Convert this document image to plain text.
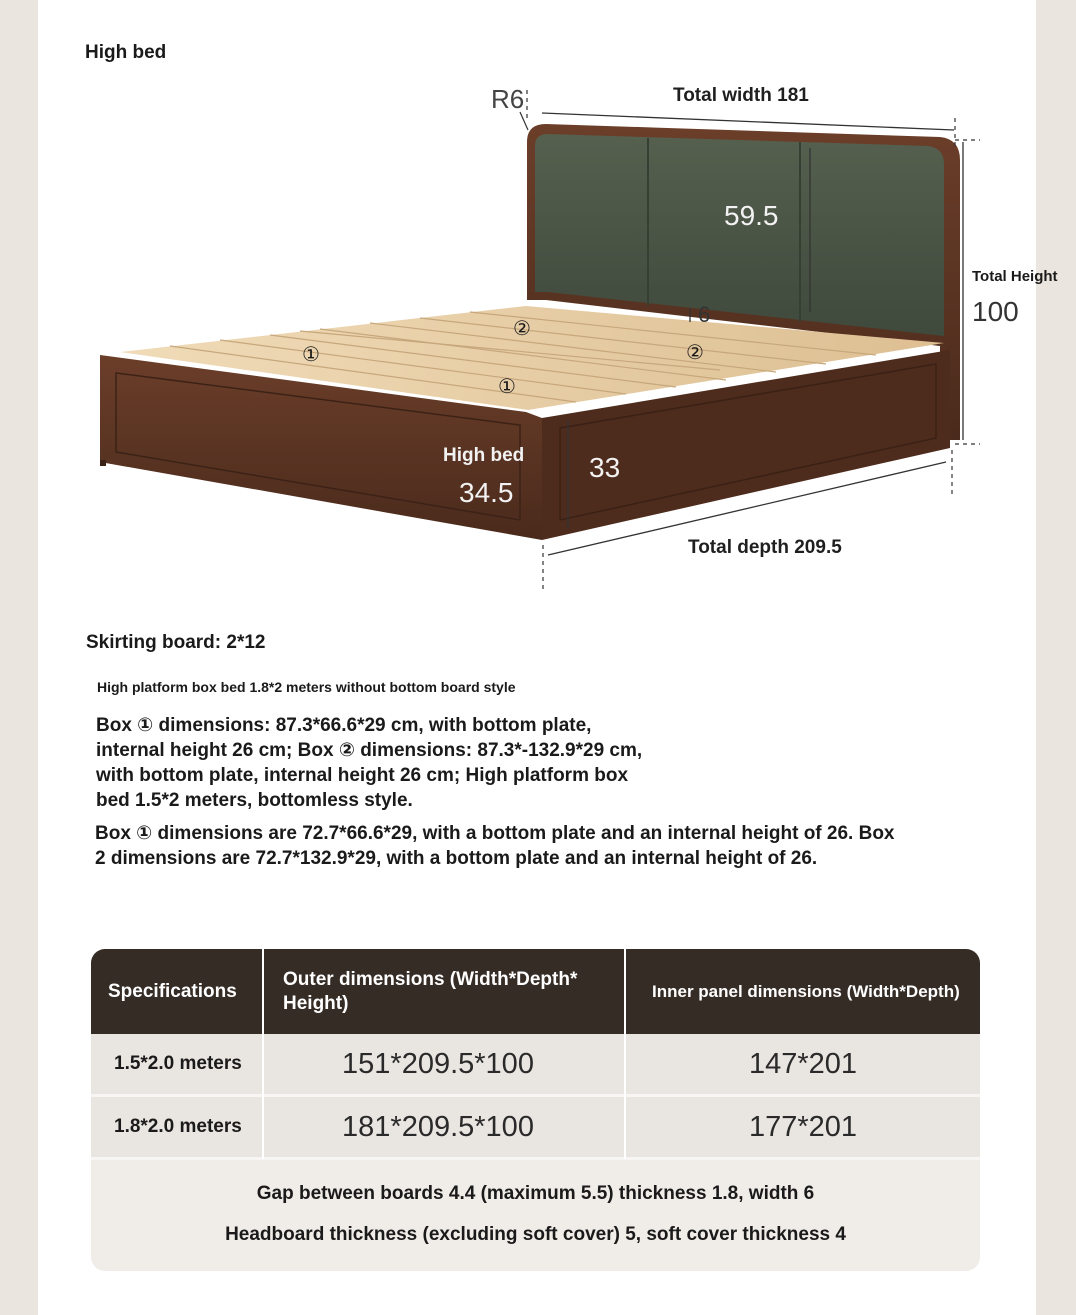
High bed
R6	Total width 181
59.5
Total Height
100
6
①
②
②
①
High bed
34.5
33
Total depth 209.5
Skirting board: 2*12
High platform box bed 1.8*2 meters without bottom board style
Box ① dimensions: 87.3*66.6*29 cm, with bottom plate, internal height 26 cm; Box ② dimensions: 87.3*-132.9*29 cm, with bottom plate, internal height 26 cm; High platform box bed 1.5*2 meters, bottomless style.
Box ① dimensions are 72.7*66.6*29, with a bottom plate and an internal height of 26. Box 2 dimensions are 72.7*132.9*29, with a bottom plate and an internal height of 26.
Specifications
Outer dimensions (Width*Depth* Height)
Inner panel dimensions (Width*Depth)
1.5*2.0 meters	151*209.5*100	147*201
1.8*2.0 meters	181*209.5*100	177*201
Gap between boards 4.4 (maximum 5.5) thickness 1.8, width 6
Headboard thickness (excluding soft cover) 5, soft cover thickness 4
